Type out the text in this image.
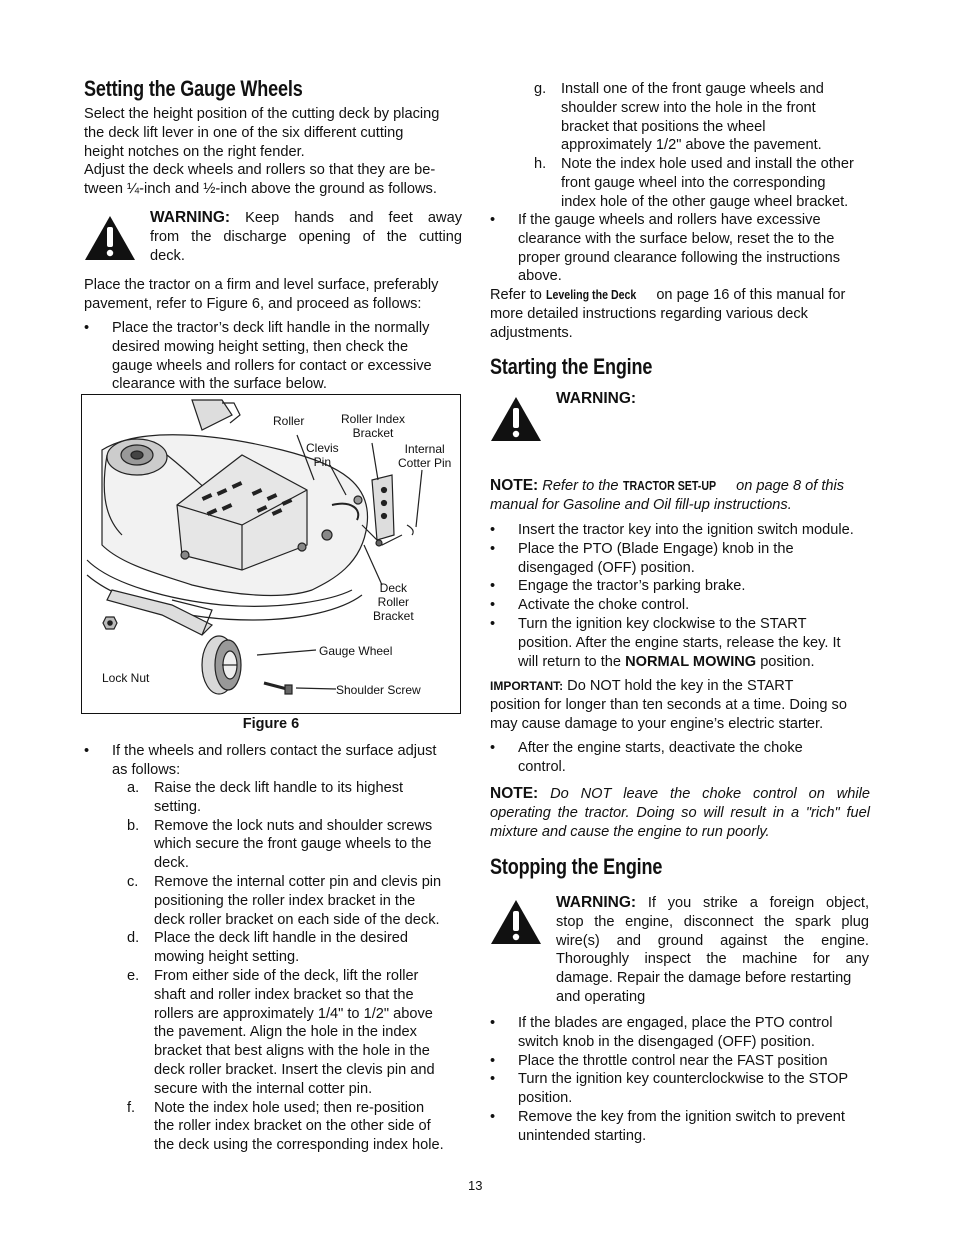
Setting the Gauge Wheels

Select the height position of the cutting deck by placing

the deck lift lever in one of the six different cutting

height notches on the right fender.

Adjust the deck wheels and rollers so that they are be-

tween ¼-inch and ½-inch above the ground as follows.

WARNING: Keep hands and feet away

from the discharge opening of the cutting

deck.

Place the tractor on a firm and level surface, preferably

pavement, refer to Figure 6, and proceed as follows:

• Place the tractor’s deck lift handle in the normally

desired mowing height setting, then check the

gauge wheels and rollers for contact or excessive

clearance with the surface below.

Roller	Roller Index
Bracket
Clevis
Pin
Internal
Cotter Pin
Deck
Roller
Bracket
Gauge Wheel
Lock Nut
Shoulder Screw
Figure 6
• If the wheels and rollers contact the surface adjust

as follows:

a. Raise the deck lift handle to its highest

setting.

b. Remove the lock nuts and shoulder screws

which secure the front gauge wheels to the

deck.

c. Remove the internal cotter pin and clevis pin

positioning the roller index bracket in the

deck roller bracket on each side of the deck.

d. Place the deck lift handle in the desired

mowing height setting.

e. From either side of the deck, lift the roller

shaft and roller index bracket so that the

rollers are approximately 1/4" to 1/2" above

the pavement. Align the hole in the index

bracket that best aligns with the hole in the

deck roller bracket. Insert the clevis pin and

secure with the internal cotter pin.

f. Note the index hole used; then re-position

the roller index bracket on the other side of

the deck using the corresponding index hole.

g. Install one of the front gauge wheels and

shoulder screw into the hole in the front

bracket that positions the wheel

approximately 1/2" above the pavement.

h. Note the index hole used and install the other

front gauge wheel into the corresponding

index hole of the other gauge wheel bracket.

• If the gauge wheels and rollers have excessive

clearance with the surface below, reset the to the

proper ground clearance following the instructions

above.

Refer to Leveling the Deck on page 16 of this manual for

more detailed instructions regarding various deck

adjustments.

Starting the Engine
WARNING:

NOTE: Refer to the TRACTOR SET-UP on page 8 of this

manual for Gasoline and Oil fill-up instructions.

• Insert the tractor key into the ignition switch module.

• Place the PTO (Blade Engage) knob in the

disengaged (OFF) position.

• Engage the tractor’s parking brake.

• Activate the choke control.

• Turn the ignition key clockwise to the START

position. After the engine starts, release the key. It

will return to the NORMAL MOWING position.

IMPORTANT: Do NOT hold the key in the START

position for longer than ten seconds at a time. Doing so

may cause damage to your engine’s electric starter.

• After the engine starts, deactivate the choke

control.

NOTE: Do NOT leave the choke control on while

operating the tractor. Doing so will result in a "rich" fuel

mixture and cause the engine to run poorly.

Stopping the Engine

WARNING: If you strike a foreign object,

stop the engine, disconnect the spark plug

wire(s) and ground against the engine.

Thoroughly inspect the machine for any

damage. Repair the damage before restarting

and operating

• If the blades are engaged, place the PTO control

switch knob in the disengaged (OFF) position.

• Place the throttle control near the FAST position

• Turn the ignition key counterclockwise to the STOP

position.

• Remove the key from the ignition switch to prevent

unintended starting.

13
